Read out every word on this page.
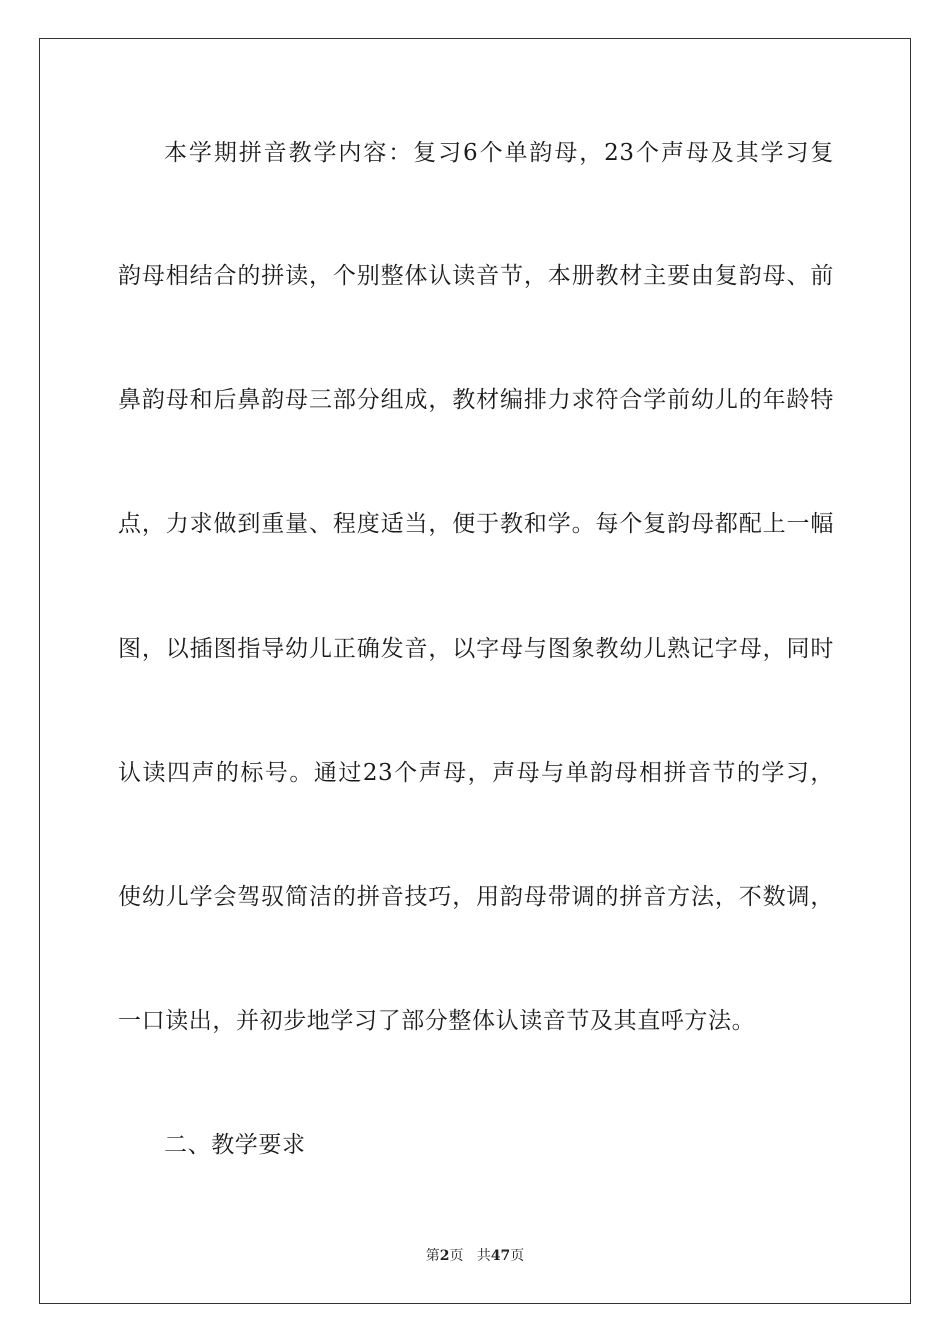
本学期拼音教学内容：复习6个单韵母，23个声母及其学习复
韵母相结合的拼读，个别整体认读音节，本册教材主要由复韵母、前
鼻韵母和后鼻韵母三部分组成，教材编排力求符合学前幼儿的年龄特
点，力求做到重量、程度适当，便于教和学。每个复韵母都配上一幅
图，以插图指导幼儿正确发音，以字母与图象教幼儿熟记字母，同时
认读四声的标号。通过23个声母，声母与单韵母相拼音节的学习，
使幼儿学会驾驭简洁的拼音技巧，用韵母带调的拼音方法，不数调，
一口读出，并初步地学习了部分整体认读音节及其直呼方法。
二、教学要求
第2页 共47页
